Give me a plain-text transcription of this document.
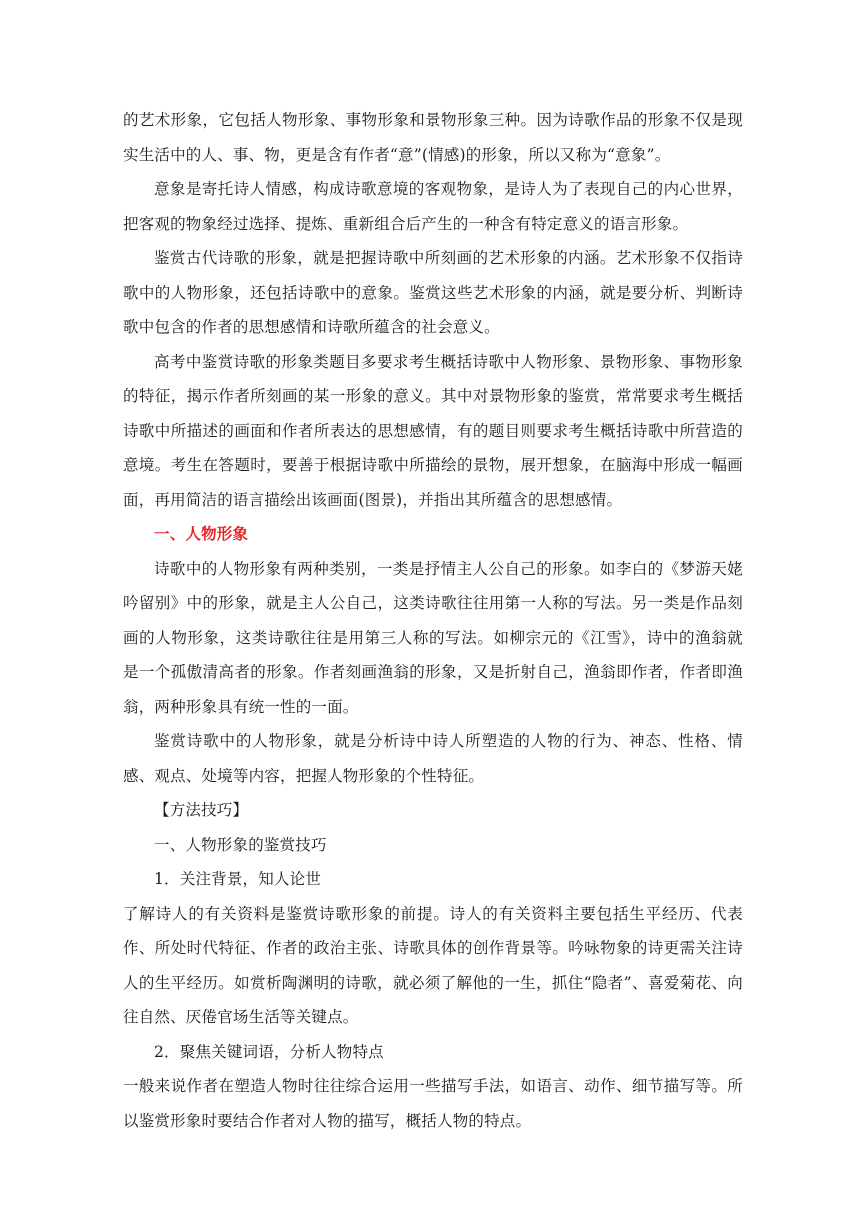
的艺术形象，它包括人物形象、事物形象和景物形象三种。因为诗歌作品的形象不仅是现实生活中的人、事、物，更是含有作者“意”(情感)的形象，所以又称为“意象”。

意象是寄托诗人情感，构成诗歌意境的客观物象，是诗人为了表现自己的内心世界，把客观的物象经过选择、提炼、重新组合后产生的一种含有特定意义的语言形象。

鉴赏古代诗歌的形象，就是把握诗歌中所刻画的艺术形象的内涵。艺术形象不仅指诗歌中的人物形象，还包括诗歌中的意象。鉴赏这些艺术形象的内涵，就是要分析、判断诗歌中包含的作者的思想感情和诗歌所蕴含的社会意义。

高考中鉴赏诗歌的形象类题目多要求考生概括诗歌中人物形象、景物形象、事物形象的特征，揭示作者所刻画的某一形象的意义。其中对景物形象的鉴赏，常常要求考生概括诗歌中所描述的画面和作者所表达的思想感情，有的题目则要求考生概括诗歌中所营造的意境。考生在答题时，要善于根据诗歌中所描绘的景物，展开想象，在脑海中形成一幅画面，再用简洁的语言描绘出该画面(图景)，并指出其所蕴含的思想感情。

一、人物形象

诗歌中的人物形象有两种类别，一类是抒情主人公自己的形象。如李白的《梦游天姥吟留别》中的形象，就是主人公自己，这类诗歌往往用第一人称的写法。另一类是作品刻画的人物形象，这类诗歌往往是用第三人称的写法。如柳宗元的《江雪》，诗中的渔翁就是一个孤傲清高者的形象。作者刻画渔翁的形象，又是折射自己，渔翁即作者，作者即渔翁，两种形象具有统一性的一面。

鉴赏诗歌中的人物形象，就是分析诗中诗人所塑造的人物的行为、神态、性格、情感、观点、处境等内容，把握人物形象的个性特征。

【方法技巧】

一、人物形象的鉴赏技巧

1．关注背景，知人论世

了解诗人的有关资料是鉴赏诗歌形象的前提。诗人的有关资料主要包括生平经历、代表作、所处时代特征、作者的政治主张、诗歌具体的创作背景等。吟咏物象的诗更需关注诗人的生平经历。如赏析陶渊明的诗歌，就必须了解他的一生，抓住“隐者”、喜爱菊花、向往自然、厌倦官场生活等关键点。

2．聚焦关键词语，分析人物特点

一般来说作者在塑造人物时往往综合运用一些描写手法，如语言、动作、细节描写等。所以鉴赏形象时要结合作者对人物的描写，概括人物的特点。
